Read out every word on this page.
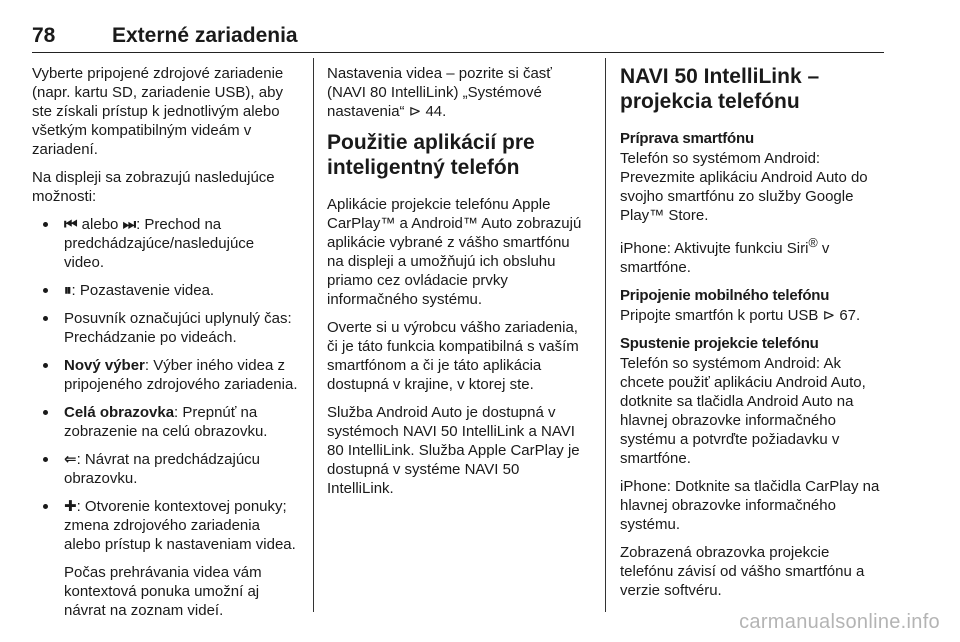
78	Externé zariadenia

Vyberte pripojené zdrojové zariadenie (napr. kartu SD, zariadenie USB), aby ste získali prístup k jednotlivým alebo všetkým kompatibilným videám v zariadení.

Na displeji sa zobrazujú nasledujúce možnosti:

⏮ alebo ⏭: Prechod na predchádzajúce/nasledujúce video.
⏸: Pozastavenie videa.
Posuvník označujúci uplynulý čas: Prechádzanie po videách.
Nový výber: Výber iného videa z pripojeného zdrojového zariadenia.
Celá obrazovka: Prepnúť na zobrazenie na celú obrazovku.
⇐: Návrat na predchádzajúcu obrazovku.
✚: Otvorenie kontextovej ponuky; zmena zdrojového zariadenia alebo prístup k nastaveniam videa.

Počas prehrávania videa vám kontextová ponuka umožní aj návrat na zoznam videí.

Nastavenia videa – pozrite si časť (NAVI 80 IntelliLink) „Systémové nastavenia“ ⊳ 44.

Použitie aplikácií pre inteligentný telefón

Aplikácie projekcie telefónu Apple CarPlay™ a Android™ Auto zobrazujú aplikácie vybrané z vášho smartfónu na displeji a umožňujú ich obsluhu priamo cez ovládacie prvky informačného systému.

Overte si u výrobcu vášho zariadenia, či je táto funkcia kompatibilná s vaším smartfónom a či je táto aplikácia dostupná v krajine, v ktorej ste.

Služba Android Auto je dostupná v systémoch NAVI 50 IntelliLink a NAVI 80 IntelliLink. Služba Apple CarPlay je dostupná v systéme NAVI 50 IntelliLink.

NAVI 50 IntelliLink – projekcia telefónu
Príprava smartfónu

Telefón so systémom Android: Prevezmite aplikáciu Android Auto do svojho smartfónu zo služby Google Play™ Store.

iPhone: Aktivujte funkciu Siri® v smartfóne.

Pripojenie mobilného telefónu

Pripojte smartfón k portu USB ⊳ 67.

Spustenie projekcie telefónu

Telefón so systémom Android: Ak chcete použiť aplikáciu Android Auto, dotknite sa tlačidla Android Auto na hlavnej obrazovke informačného systému a potvrďte požiadavku v smartfóne.

iPhone: Dotknite sa tlačidla CarPlay na hlavnej obrazovke informačného systému.

Zobrazená obrazovka projekcie telefónu závisí od vášho smartfónu a verzie softvéru.

carmanualsonline.info
